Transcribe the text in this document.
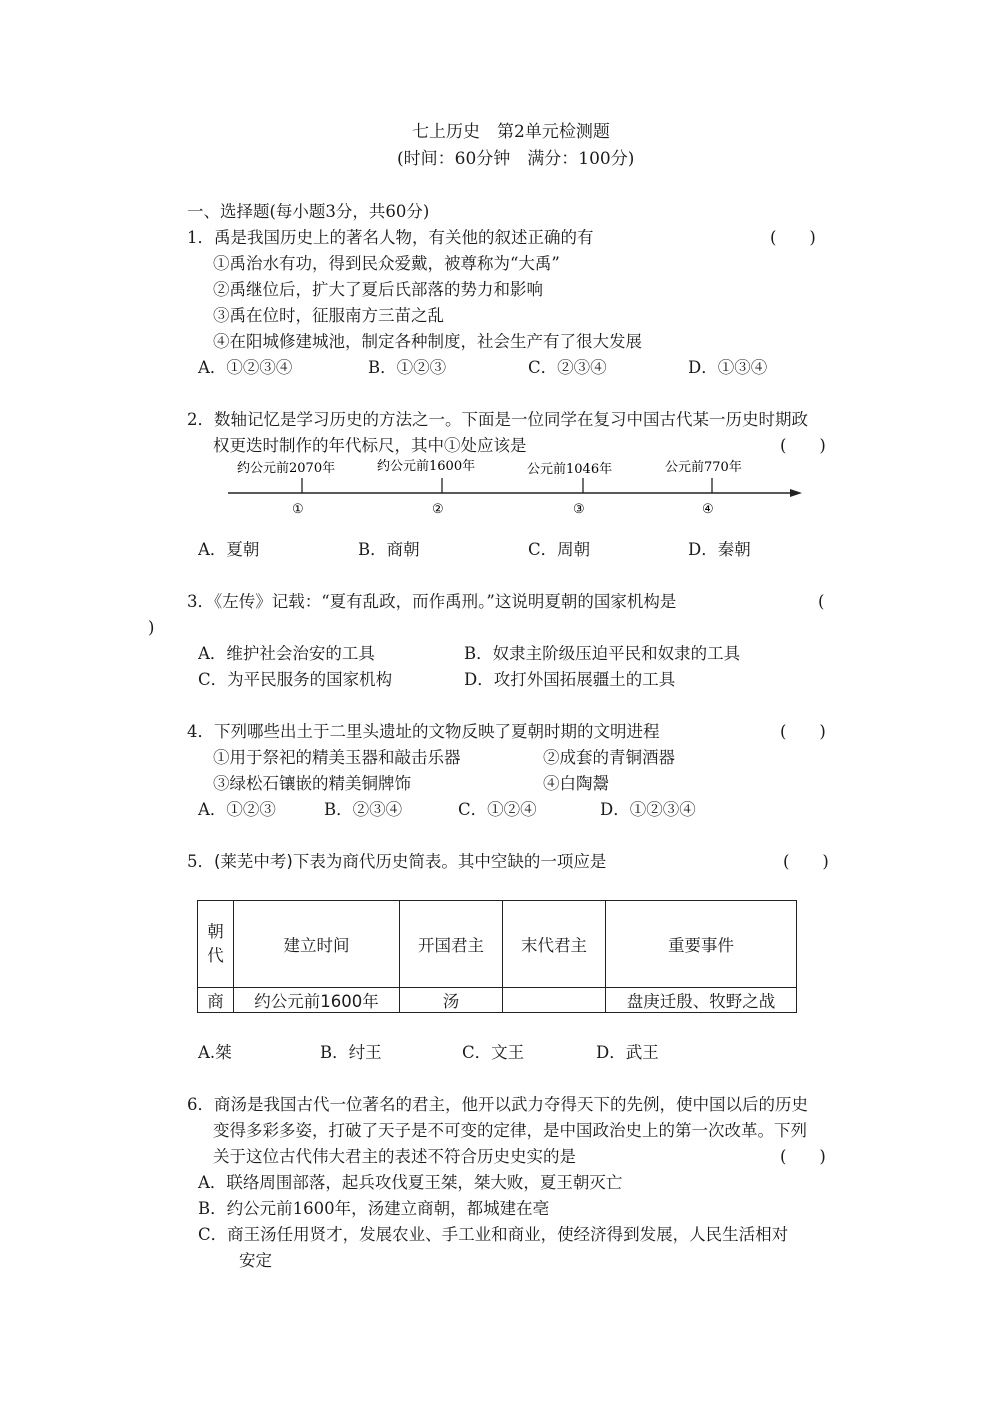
七上历史　第2单元检测题
(时间：60分钟　满分：100分)
一、选择题(每小题3分，共60分)
1．禹是我国历史上的著名人物，有关他的叙述正确的有	(　　)
①禹治水有功，得到民众爱戴，被尊称为“大禹”
②禹继位后，扩大了夏后氏部落的势力和影响
③禹在位时，征服南方三苗之乱
④在阳城修建城池，制定各种制度，社会生产有了很大发展
A．①②③④	B．①②③	C．②③④	D．①③④
2．数轴记忆是学习历史的方法之一。下面是一位同学在复习中国古代某一历史时期政
权更迭时制作的年代标尺，其中①处应该是	(　　)
约公元前2070年	约公元前1600年	公元前1046年	公元前770年
①	②	③	④
A．夏朝	B．商朝	C．周朝	D．秦朝
3．《左传》记载：“夏有乱政，而作禹刑。”这说明夏朝的国家机构是	(
)
A．维护社会治安的工具	B．奴隶主阶级压迫平民和奴隶的工具
C．为平民服务的国家机构	D．攻打外国拓展疆土的工具
4．下列哪些出土于二里头遗址的文物反映了夏朝时期的文明进程	(　　)
①用于祭祀的精美玉器和敲击乐器	②成套的青铜酒器
③绿松石镶嵌的精美铜牌饰	④白陶鬶
A．①②③	B．②③④	C．①②④	D．①②③④
5．(莱芜中考)下表为商代历史简表。其中空缺的一项应是	(　　)
朝代	建立时间	开国君主	末代君主	重要事件
商	约公元前1600年	汤		盘庚迁殷、牧野之战
A.桀	B．纣王	C．文王	D．武王
6．商汤是我国古代一位著名的君主，他开以武力夺得天下的先例，使中国以后的历史
变得多彩多姿，打破了天子是不可变的定律，是中国政治史上的第一次改革。下列
关于这位古代伟大君主的表述不符合历史史实的是	(　　)
A．联络周围部落，起兵攻伐夏王桀，桀大败，夏王朝灭亡
B．约公元前1600年，汤建立商朝，都城建在亳
C．商王汤任用贤才，发展农业、手工业和商业，使经济得到发展，人民生活相对
安定
